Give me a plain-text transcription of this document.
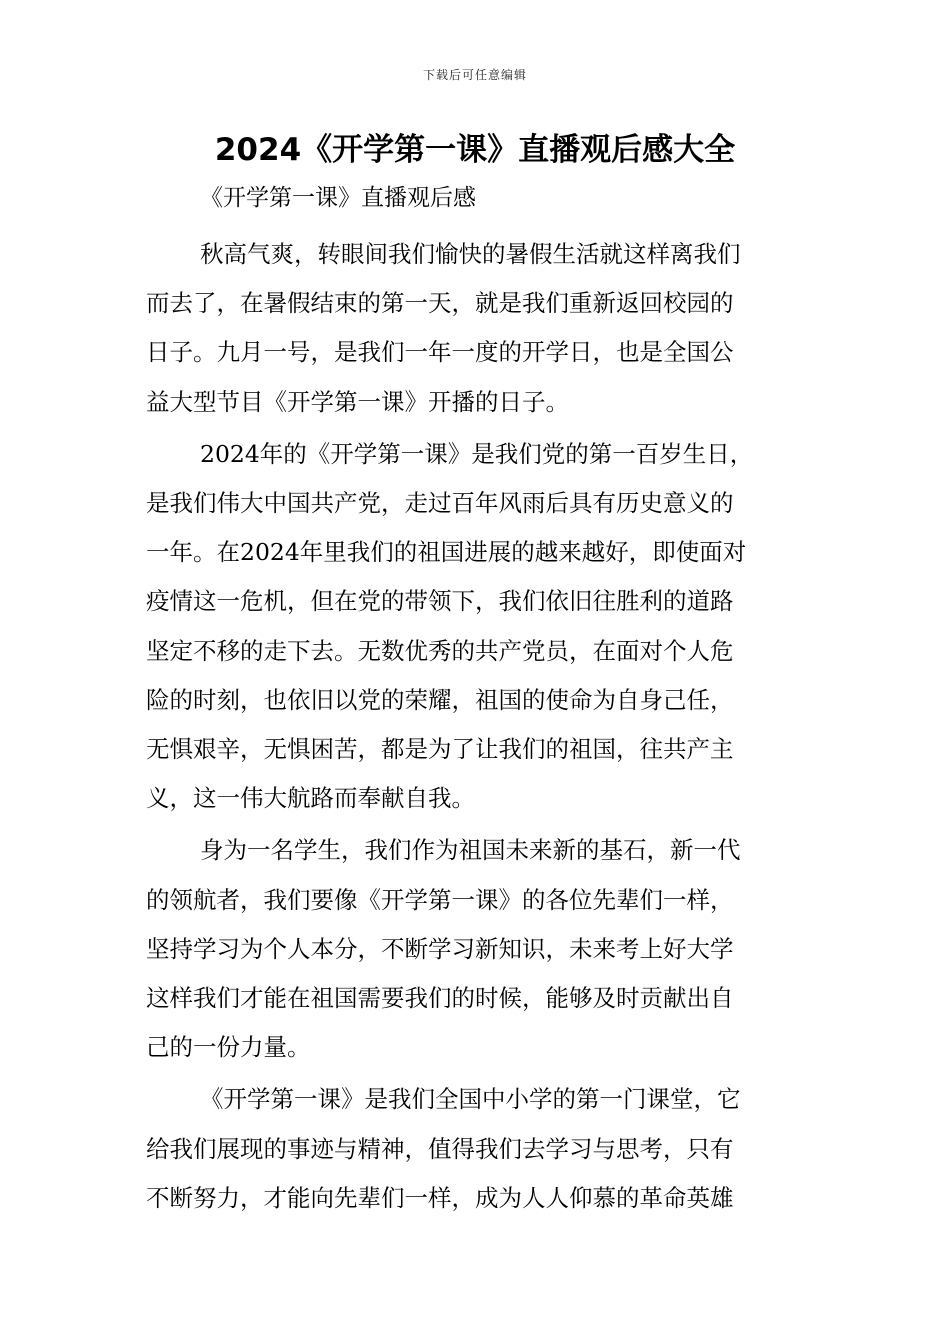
下载后可任意编辑
2024《开学第一课》直播观后感大全
《开学第一课》直播观后感
秋高气爽，转眼间我们愉快的暑假生活就这样离我们
而去了，在暑假结束的第一天，就是我们重新返回校园的
日子。九月一号，是我们一年一度的开学日，也是全国公
益大型节目《开学第一课》开播的日子。
2024年的《开学第一课》是我们党的第一百岁生日，
是我们伟大中国共产党，走过百年风雨后具有历史意义的
一年。在2024年里我们的祖国进展的越来越好，即使面对
疫情这一危机，但在党的带领下，我们依旧往胜利的道路
坚定不移的走下去。无数优秀的共产党员，在面对个人危
险的时刻，也依旧以党的荣耀，祖国的使命为自身己任，
无惧艰辛，无惧困苦，都是为了让我们的祖国，往共产主
义，这一伟大航路而奉献自我。
身为一名学生，我们作为祖国未来新的基石，新一代
的领航者，我们要像《开学第一课》的各位先辈们一样，
坚持学习为个人本分，不断学习新知识，未来考上好大学
这样我们才能在祖国需要我们的时候，能够及时贡献出自
己的一份力量。
《开学第一课》是我们全国中小学的第一门课堂，它
给我们展现的事迹与精神，值得我们去学习与思考，只有
不断努力，才能向先辈们一样，成为人人仰慕的革命英雄
